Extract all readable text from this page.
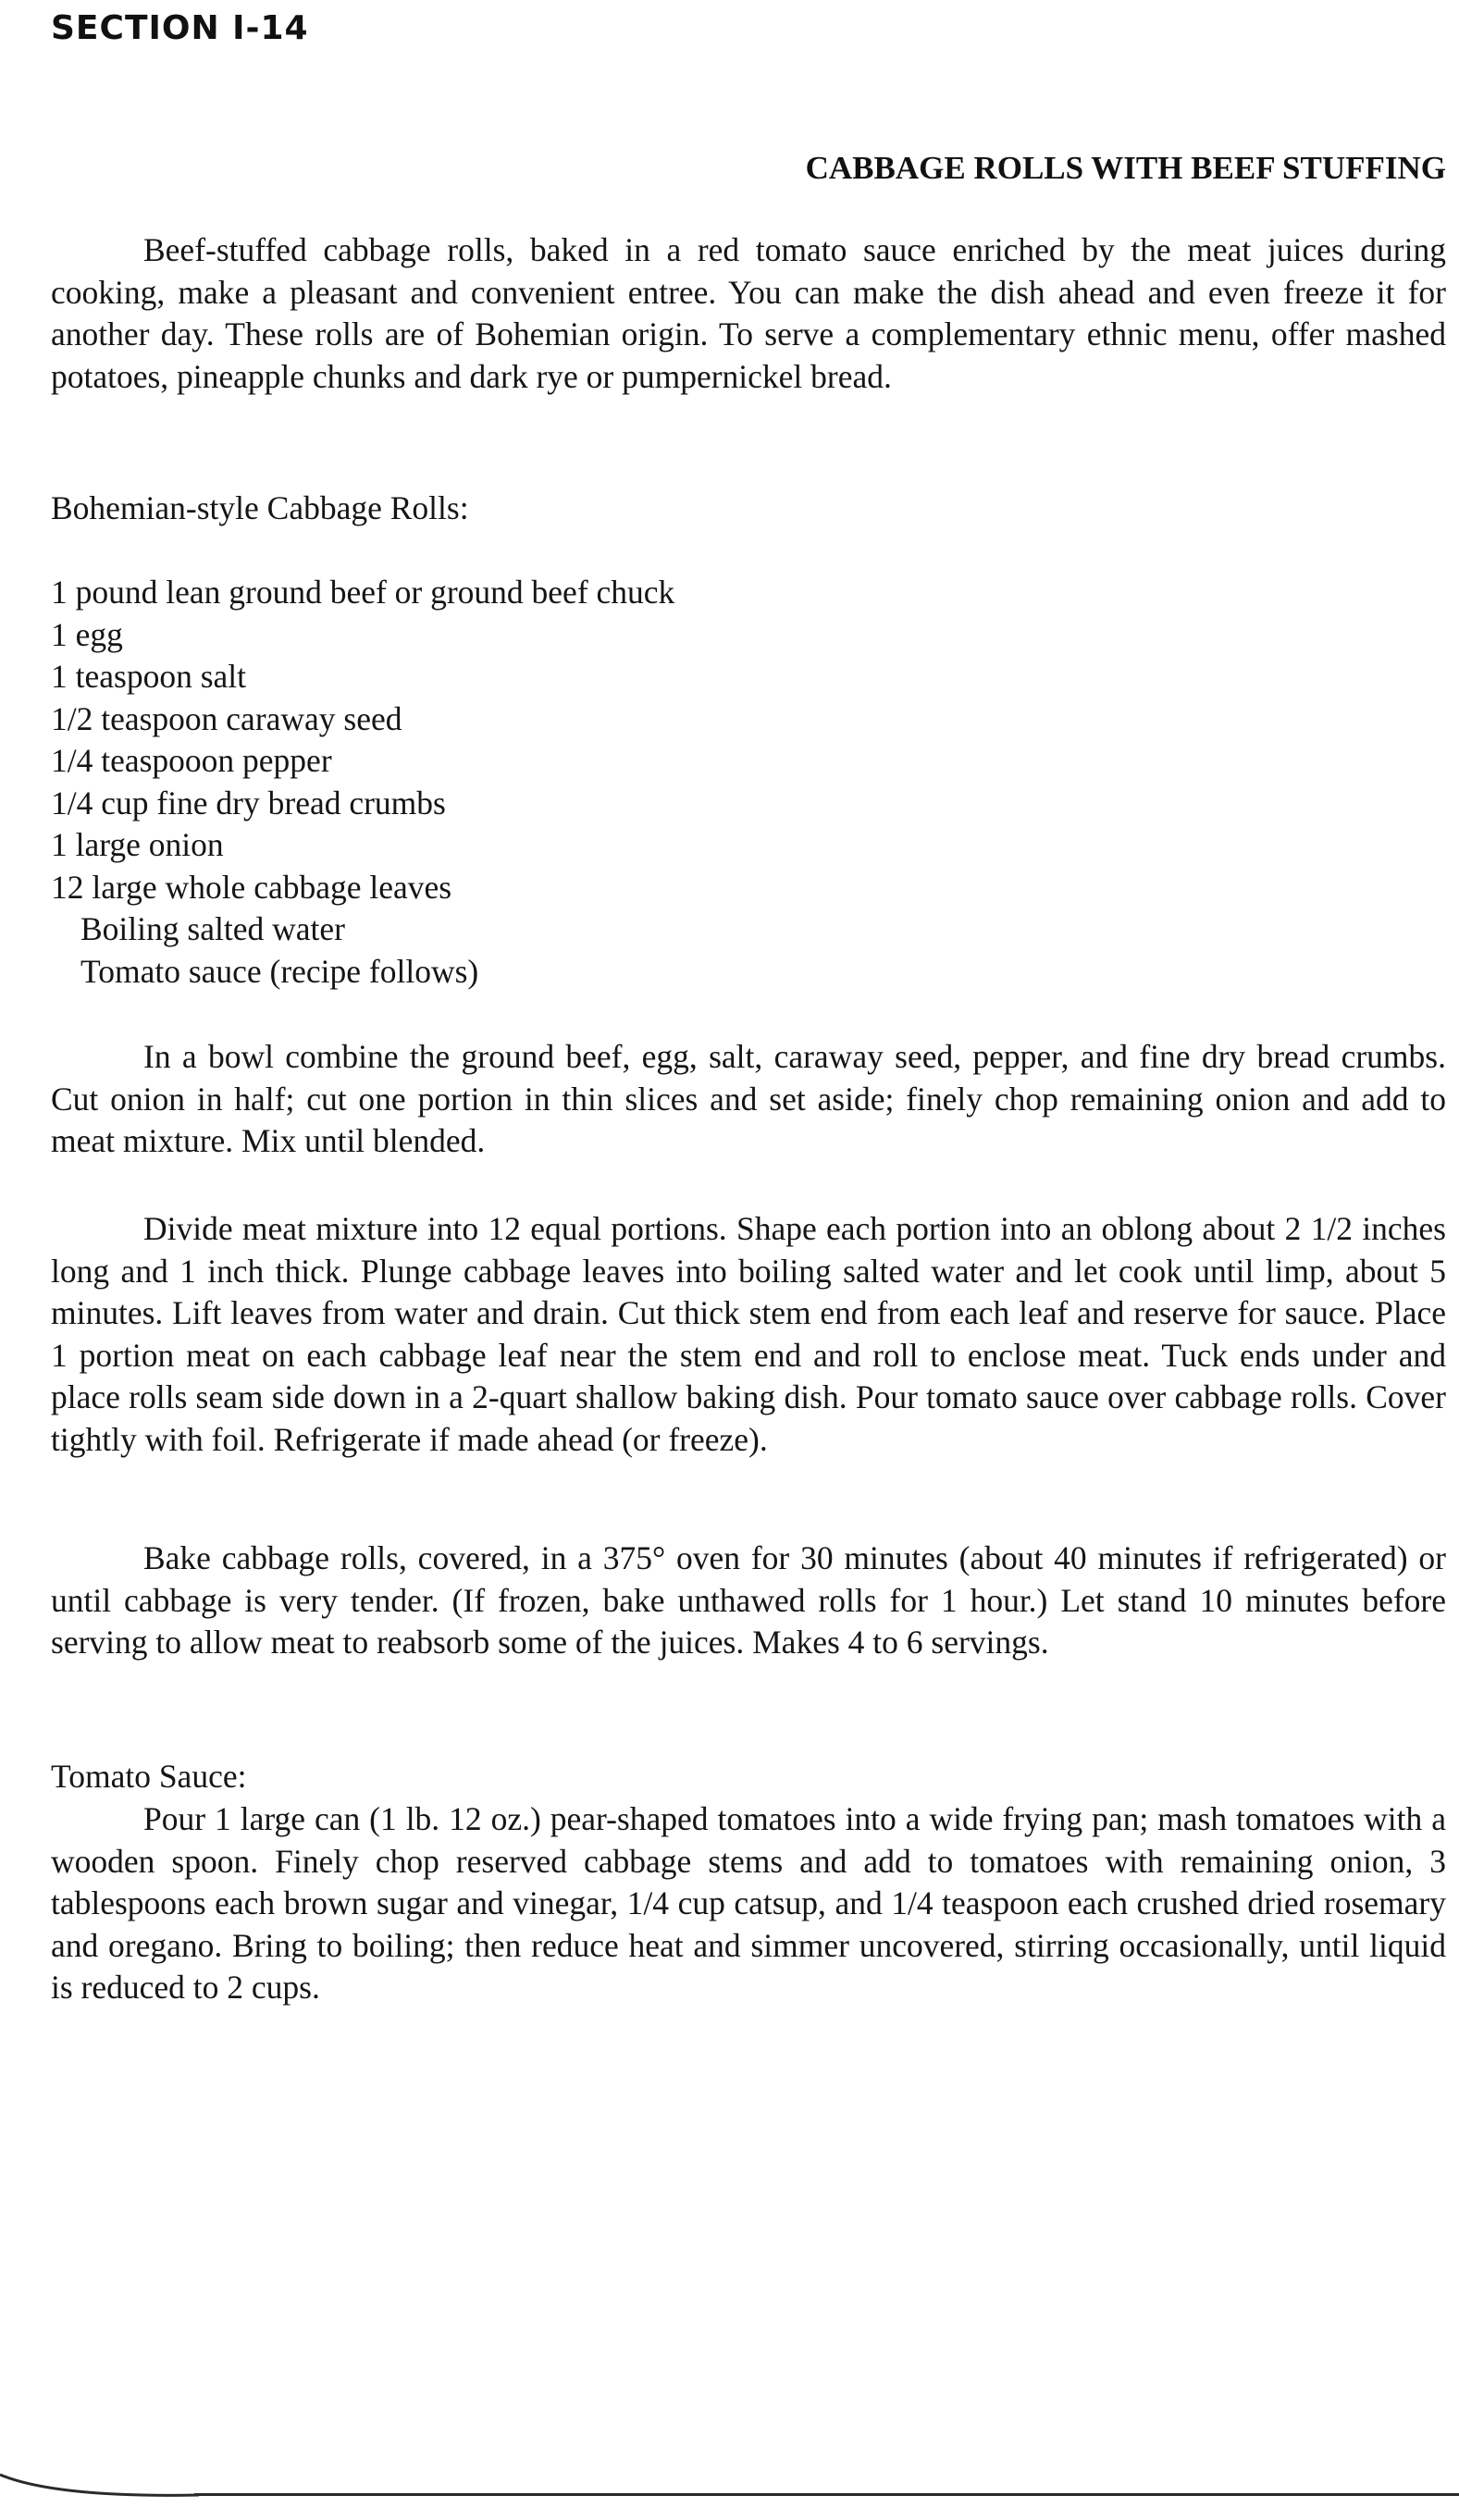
SECTION I-14
CABBAGE ROLLS WITH BEEF STUFFING

Beef-stuffed cabbage rolls, baked in a red tomato sauce enriched by the meat juices during cooking, make a pleasant and convenient entree. You can make the dish ahead and even freeze it for another day. These rolls are of Bohemian origin. To serve a complementary ethnic menu, offer mashed potatoes, pineapple chunks and dark rye or pumpernickel bread.

Bohemian-style Cabbage Rolls:

1 pound lean ground beef or ground beef chuck
1 egg
1 teaspoon salt
1/2 teaspoon caraway seed
1/4 teaspooon pepper
1/4 cup fine dry bread crumbs
1 large onion
12 large whole cabbage leaves
Boiling salted water
Tomato sauce (recipe follows)

In a bowl combine the ground beef, egg, salt, caraway seed, pepper, and fine dry bread crumbs. Cut onion in half; cut one portion in thin slices and set aside; finely chop remaining onion and add to meat mixture. Mix until blended.

Divide meat mixture into 12 equal portions. Shape each portion into an oblong about 2 1/2 inches long and 1 inch thick. Plunge cabbage leaves into boiling salted water and let cook until limp, about 5 minutes. Lift leaves from water and drain. Cut thick stem end from each leaf and reserve for sauce. Place 1 portion meat on each cabbage leaf near the stem end and roll to enclose meat. Tuck ends under and place rolls seam side down in a 2-quart shallow baking dish. Pour tomato sauce over cabbage rolls. Cover tightly with foil. Refrigerate if made ahead (or freeze).

Bake cabbage rolls, covered, in a 375° oven for 30 minutes (about 40 minutes if refrigerated) or until cabbage is very tender. (If frozen, bake unthawed rolls for 1 hour.) Let stand 10 minutes before serving to allow meat to reabsorb some of the juices. Makes 4 to 6 servings.

Tomato Sauce:

Pour 1 large can (1 lb. 12 oz.) pear-shaped tomatoes into a wide frying pan; mash tomatoes with a wooden spoon. Finely chop reserved cabbage stems and add to tomatoes with remaining onion, 3 tablespoons each brown sugar and vinegar, 1/4 cup catsup, and 1/4 teaspoon each crushed dried rosemary and oregano. Bring to boiling; then reduce heat and simmer uncovered, stirring occasionally, until liquid is reduced to 2 cups.
